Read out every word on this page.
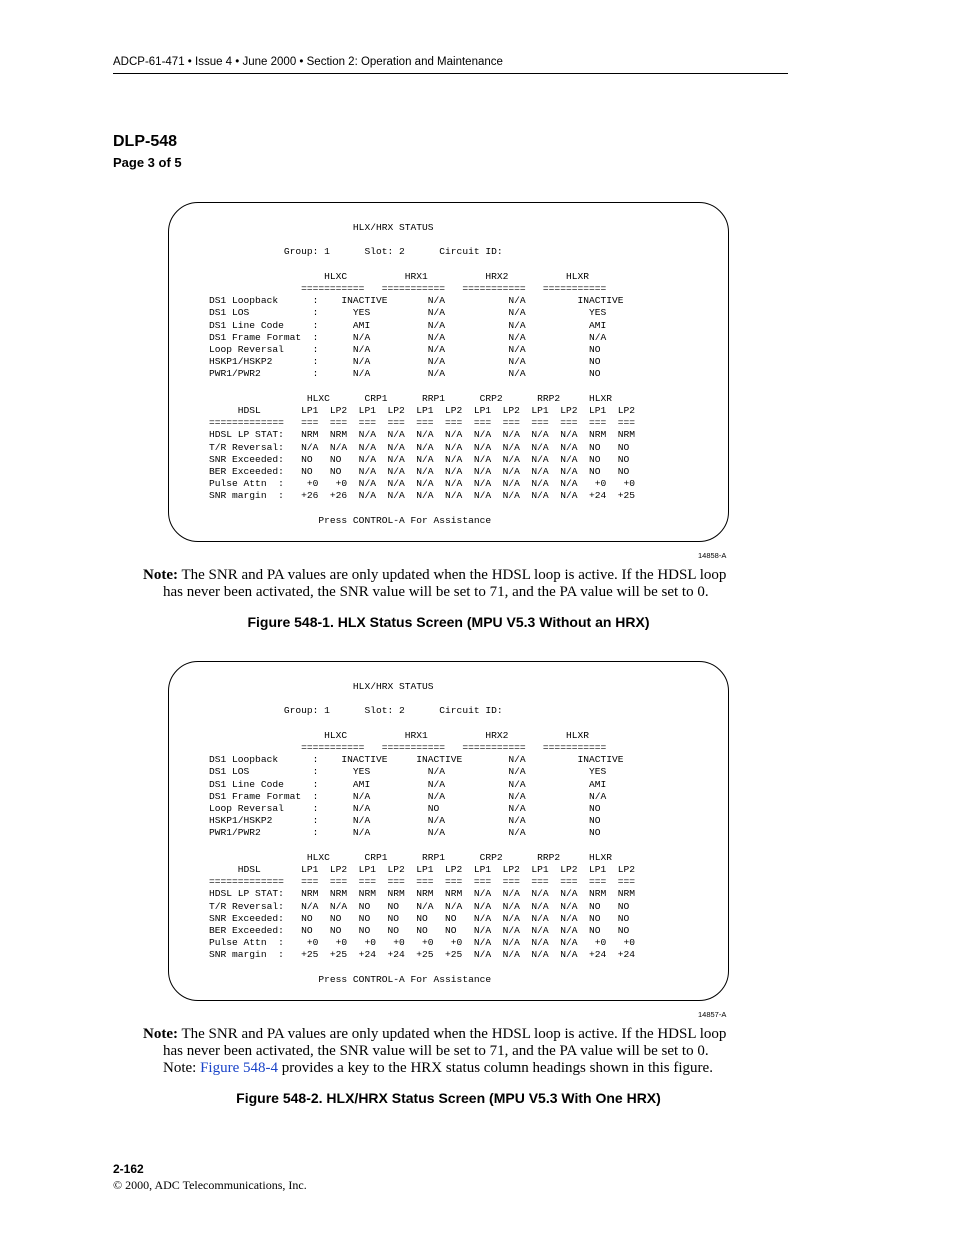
ADCP-61-471 • Issue 4 • June 2000 • Section 2: Operation and Maintenance
DLP-548
Page 3 of 5
HLX/HRX STATUS

Group: 1      Slot: 2      Circuit ID:

HLXC          HRX1          HRX2          HLXR
===========   ===========   ===========   ===========
DS1 Loopback      :    INACTIVE       N/A           N/A         INACTIVE
DS1 LOS           :      YES          N/A           N/A           YES
DS1 Line Code     :      AMI          N/A           N/A           AMI
DS1 Frame Format  :      N/A          N/A           N/A           N/A
Loop Reversal     :      N/A          N/A           N/A           NO
HSKP1/HSKP2       :      N/A          N/A           N/A           NO
PWR1/PWR2         :      N/A          N/A           N/A           NO

HLXC      CRP1      RRP1      CRP2      RRP2     HLXR
HDSL       LP1  LP2  LP1  LP2  LP1  LP2  LP1  LP2  LP1  LP2  LP1  LP2
=============   ===  ===  ===  ===  ===  ===  ===  ===  ===  ===  ===  ===
HDSL LP STAT:   NRM  NRM  N/A  N/A  N/A  N/A  N/A  N/A  N/A  N/A  NRM  NRM
T/R Reversal:   N/A  N/A  N/A  N/A  N/A  N/A  N/A  N/A  N/A  N/A  NO   NO
SNR Exceeded:   NO   NO   N/A  N/A  N/A  N/A  N/A  N/A  N/A  N/A  NO   NO
BER Exceeded:   NO   NO   N/A  N/A  N/A  N/A  N/A  N/A  N/A  N/A  NO   NO
Pulse Attn  :    +0   +0  N/A  N/A  N/A  N/A  N/A  N/A  N/A  N/A   +0   +0
SNR margin  :   +26  +26  N/A  N/A  N/A  N/A  N/A  N/A  N/A  N/A  +24  +25

Press CONTROL-A For Assistance
14858-A
Note: The SNR and PA values are only updated when the HDSL loop is active. If the HDSL loop
has never been activated, the SNR value will be set to 71, and the PA value will be set to 0.
Figure 548-1. HLX Status Screen (MPU V5.3 Without an HRX)
HLX/HRX STATUS

Group: 1      Slot: 2      Circuit ID:

HLXC          HRX1          HRX2          HLXR
===========   ===========   ===========   ===========
DS1 Loopback      :    INACTIVE     INACTIVE        N/A         INACTIVE
DS1 LOS           :      YES          N/A           N/A           YES
DS1 Line Code     :      AMI          N/A           N/A           AMI
DS1 Frame Format  :      N/A          N/A           N/A           N/A
Loop Reversal     :      N/A          NO            N/A           NO
HSKP1/HSKP2       :      N/A          N/A           N/A           NO
PWR1/PWR2         :      N/A          N/A           N/A           NO

HLXC      CRP1      RRP1      CRP2      RRP2     HLXR
HDSL       LP1  LP2  LP1  LP2  LP1  LP2  LP1  LP2  LP1  LP2  LP1  LP2
=============   ===  ===  ===  ===  ===  ===  ===  ===  ===  ===  ===  ===
HDSL LP STAT:   NRM  NRM  NRM  NRM  NRM  NRM  N/A  N/A  N/A  N/A  NRM  NRM
T/R Reversal:   N/A  N/A  NO   NO   N/A  N/A  N/A  N/A  N/A  N/A  NO   NO
SNR Exceeded:   NO   NO   NO   NO   NO   NO   N/A  N/A  N/A  N/A  NO   NO
BER Exceeded:   NO   NO   NO   NO   NO   NO   N/A  N/A  N/A  N/A  NO   NO
Pulse Attn  :    +0   +0   +0   +0   +0   +0  N/A  N/A  N/A  N/A   +0   +0
SNR margin  :   +25  +25  +24  +24  +25  +25  N/A  N/A  N/A  N/A  +24  +24

Press CONTROL-A For Assistance
14857-A
Note: The SNR and PA values are only updated when the HDSL loop is active. If the HDSL loop
has never been activated, the SNR value will be set to 71, and the PA value will be set to 0.
Note: Figure 548-4 provides a key to the HRX status column headings shown in this figure.
Figure 548-2. HLX/HRX Status Screen (MPU V5.3 With One HRX)
2-162
© 2000, ADC Telecommunications, Inc.
